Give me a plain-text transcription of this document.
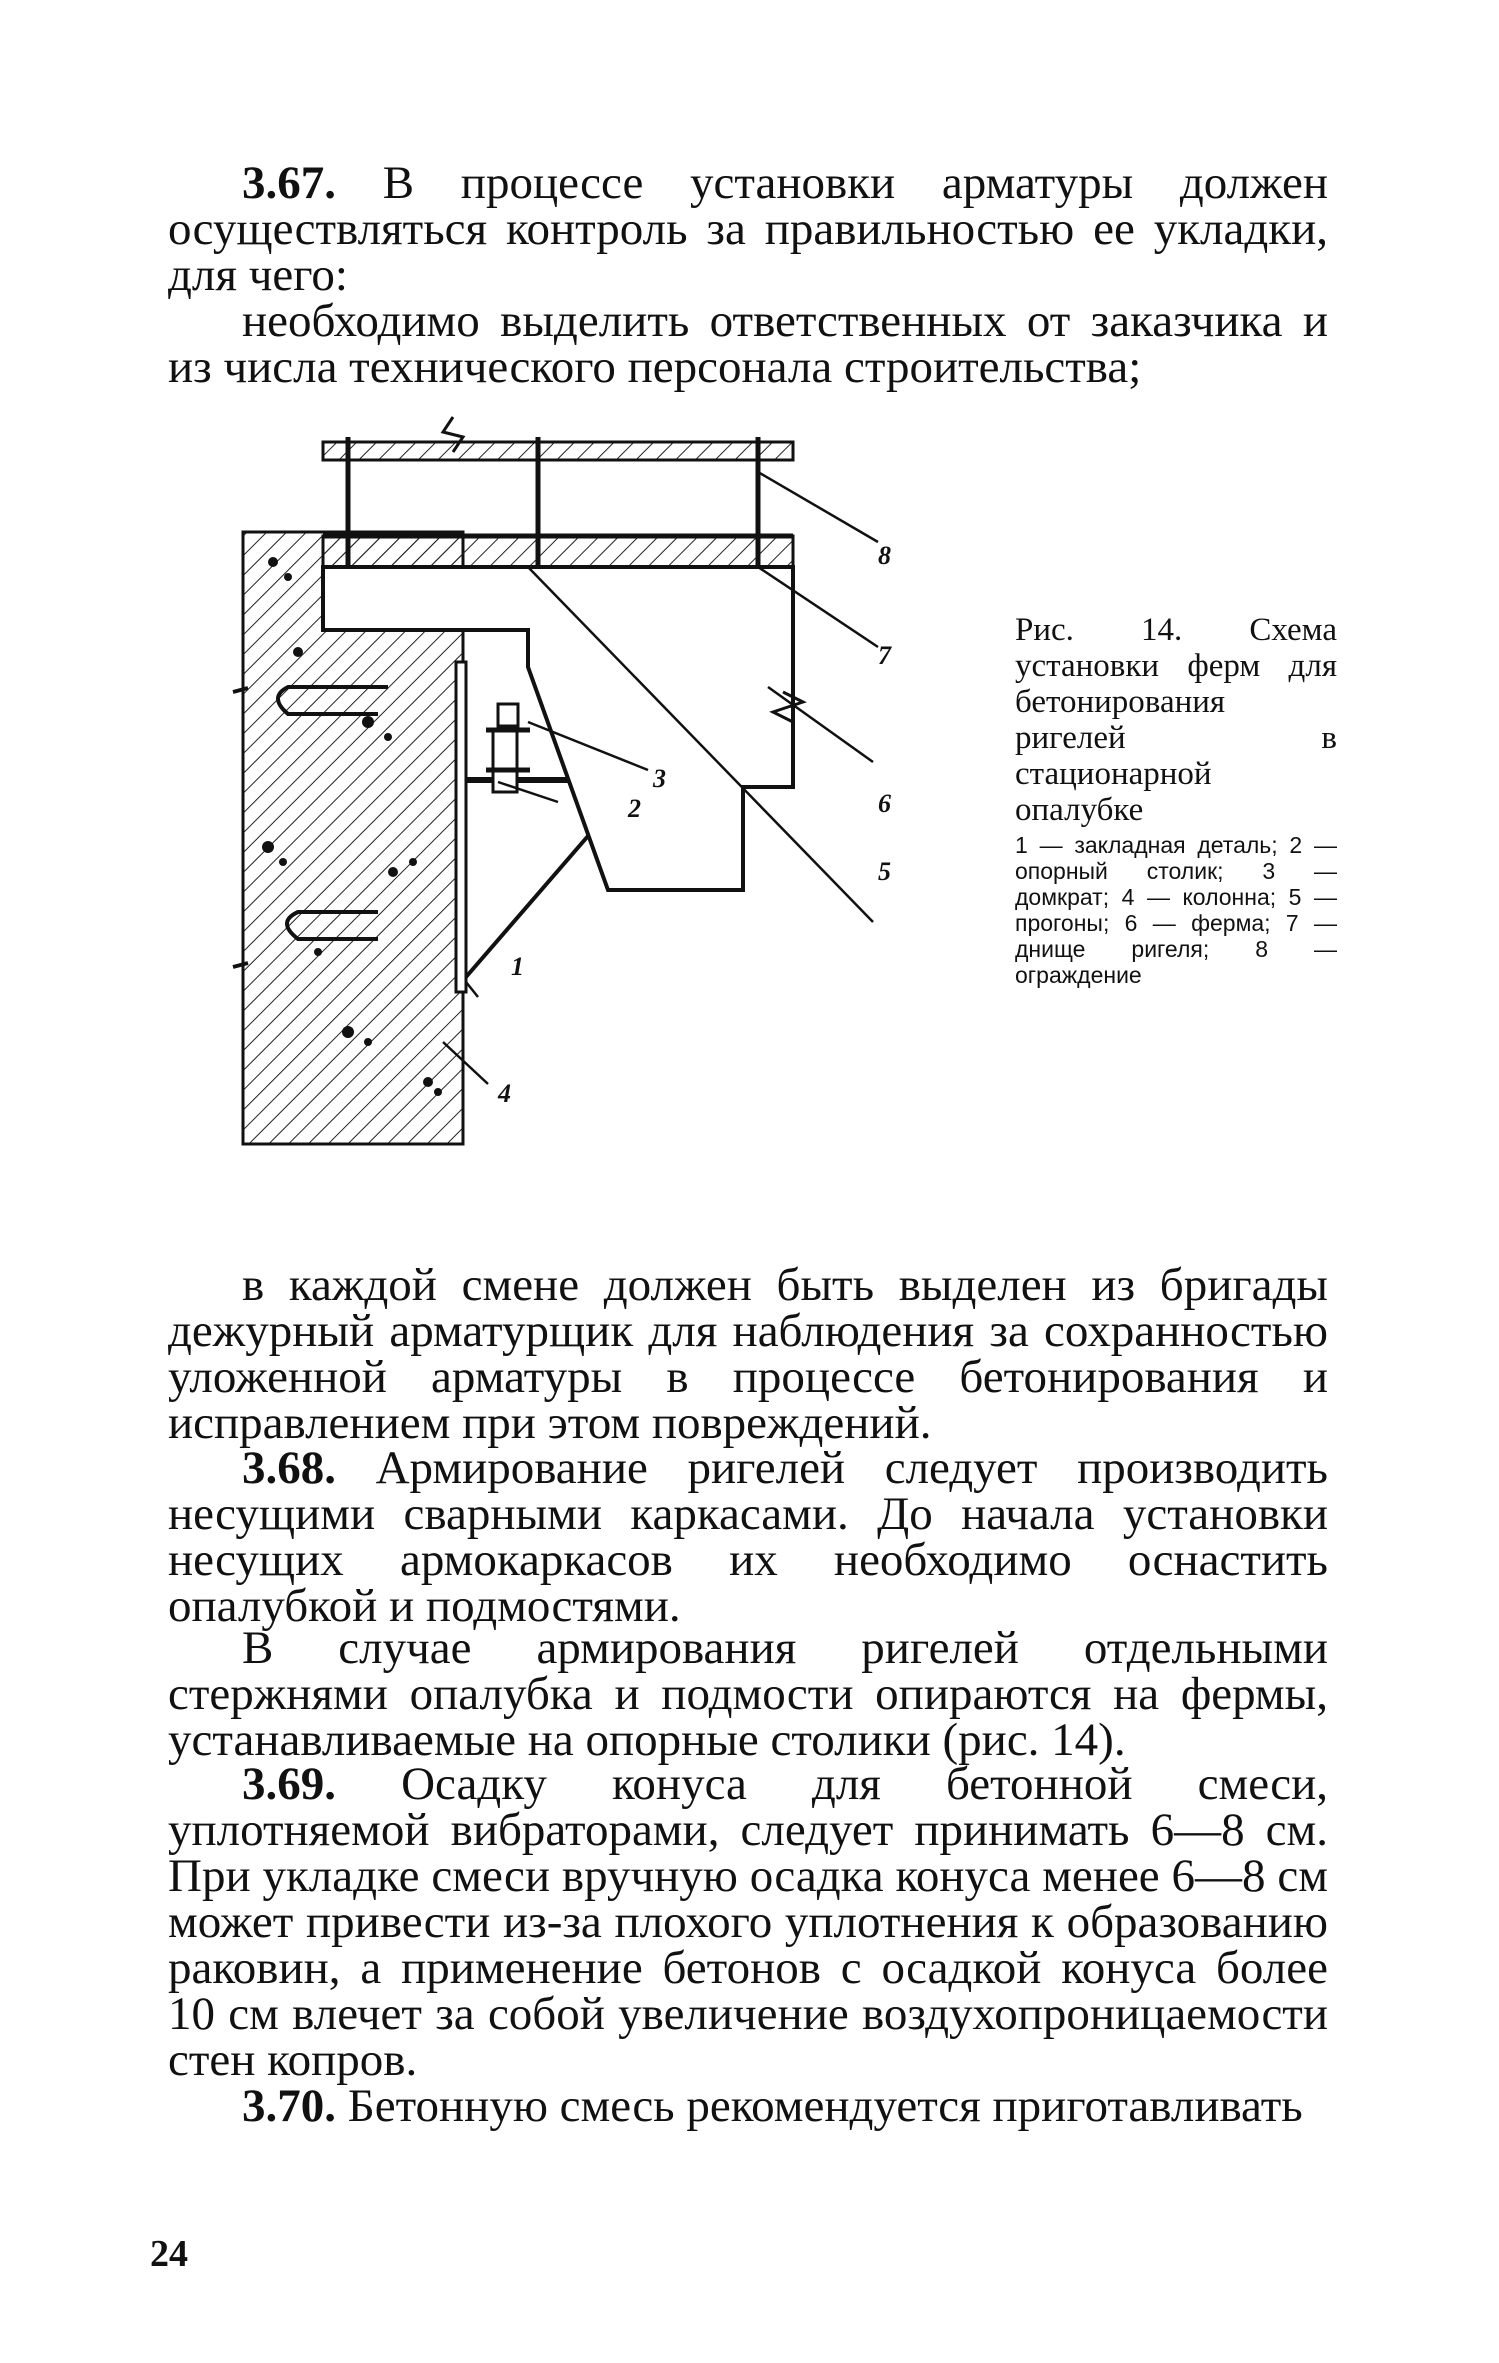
3.67. В процессе установки арматуры должен осуществляться контроль за правильностью ее укладки, для чего:

необходимо выделить ответственных от заказчика и из числа технического персонала строительства;

8
7
6
5
3
2
1
4

Рис. 14. Схема установки ферм для бетонирования ригелей в стационарной опалубке

1 — закладная деталь; 2 — опорный столик; 3 — домкрат; 4 — колонна; 5 — прогоны; 6 — ферма; 7 — днище ригеля; 8 — ограждение

в каждой смене должен быть выделен из бригады дежурный арматурщик для наблюдения за сохранностью уложенной арматуры в процессе бетонирования и исправлением при этом повреждений.

3.68. Армирование ригелей следует производить несущими сварными каркасами. До начала установки несущих армокаркасов их необходимо оснастить опалубкой и подмостями.

В случае армирования ригелей отдельными стержнями опалубка и подмости опираются на фермы, устанавливаемые на опорные столики (рис. 14).

3.69. Осадку конуса для бетонной смеси, уплотняемой вибраторами, следует принимать 6—8 см. При укладке смеси вручную осадка конуса менее 6—8 см может привести из-за плохого уплотнения к образованию раковин, а применение бетонов с осадкой конуса более 10 см влечет за собой увеличение воздухопроницаемости стен копров.

3.70. Бетонную смесь рекомендуется приготавливать

24
